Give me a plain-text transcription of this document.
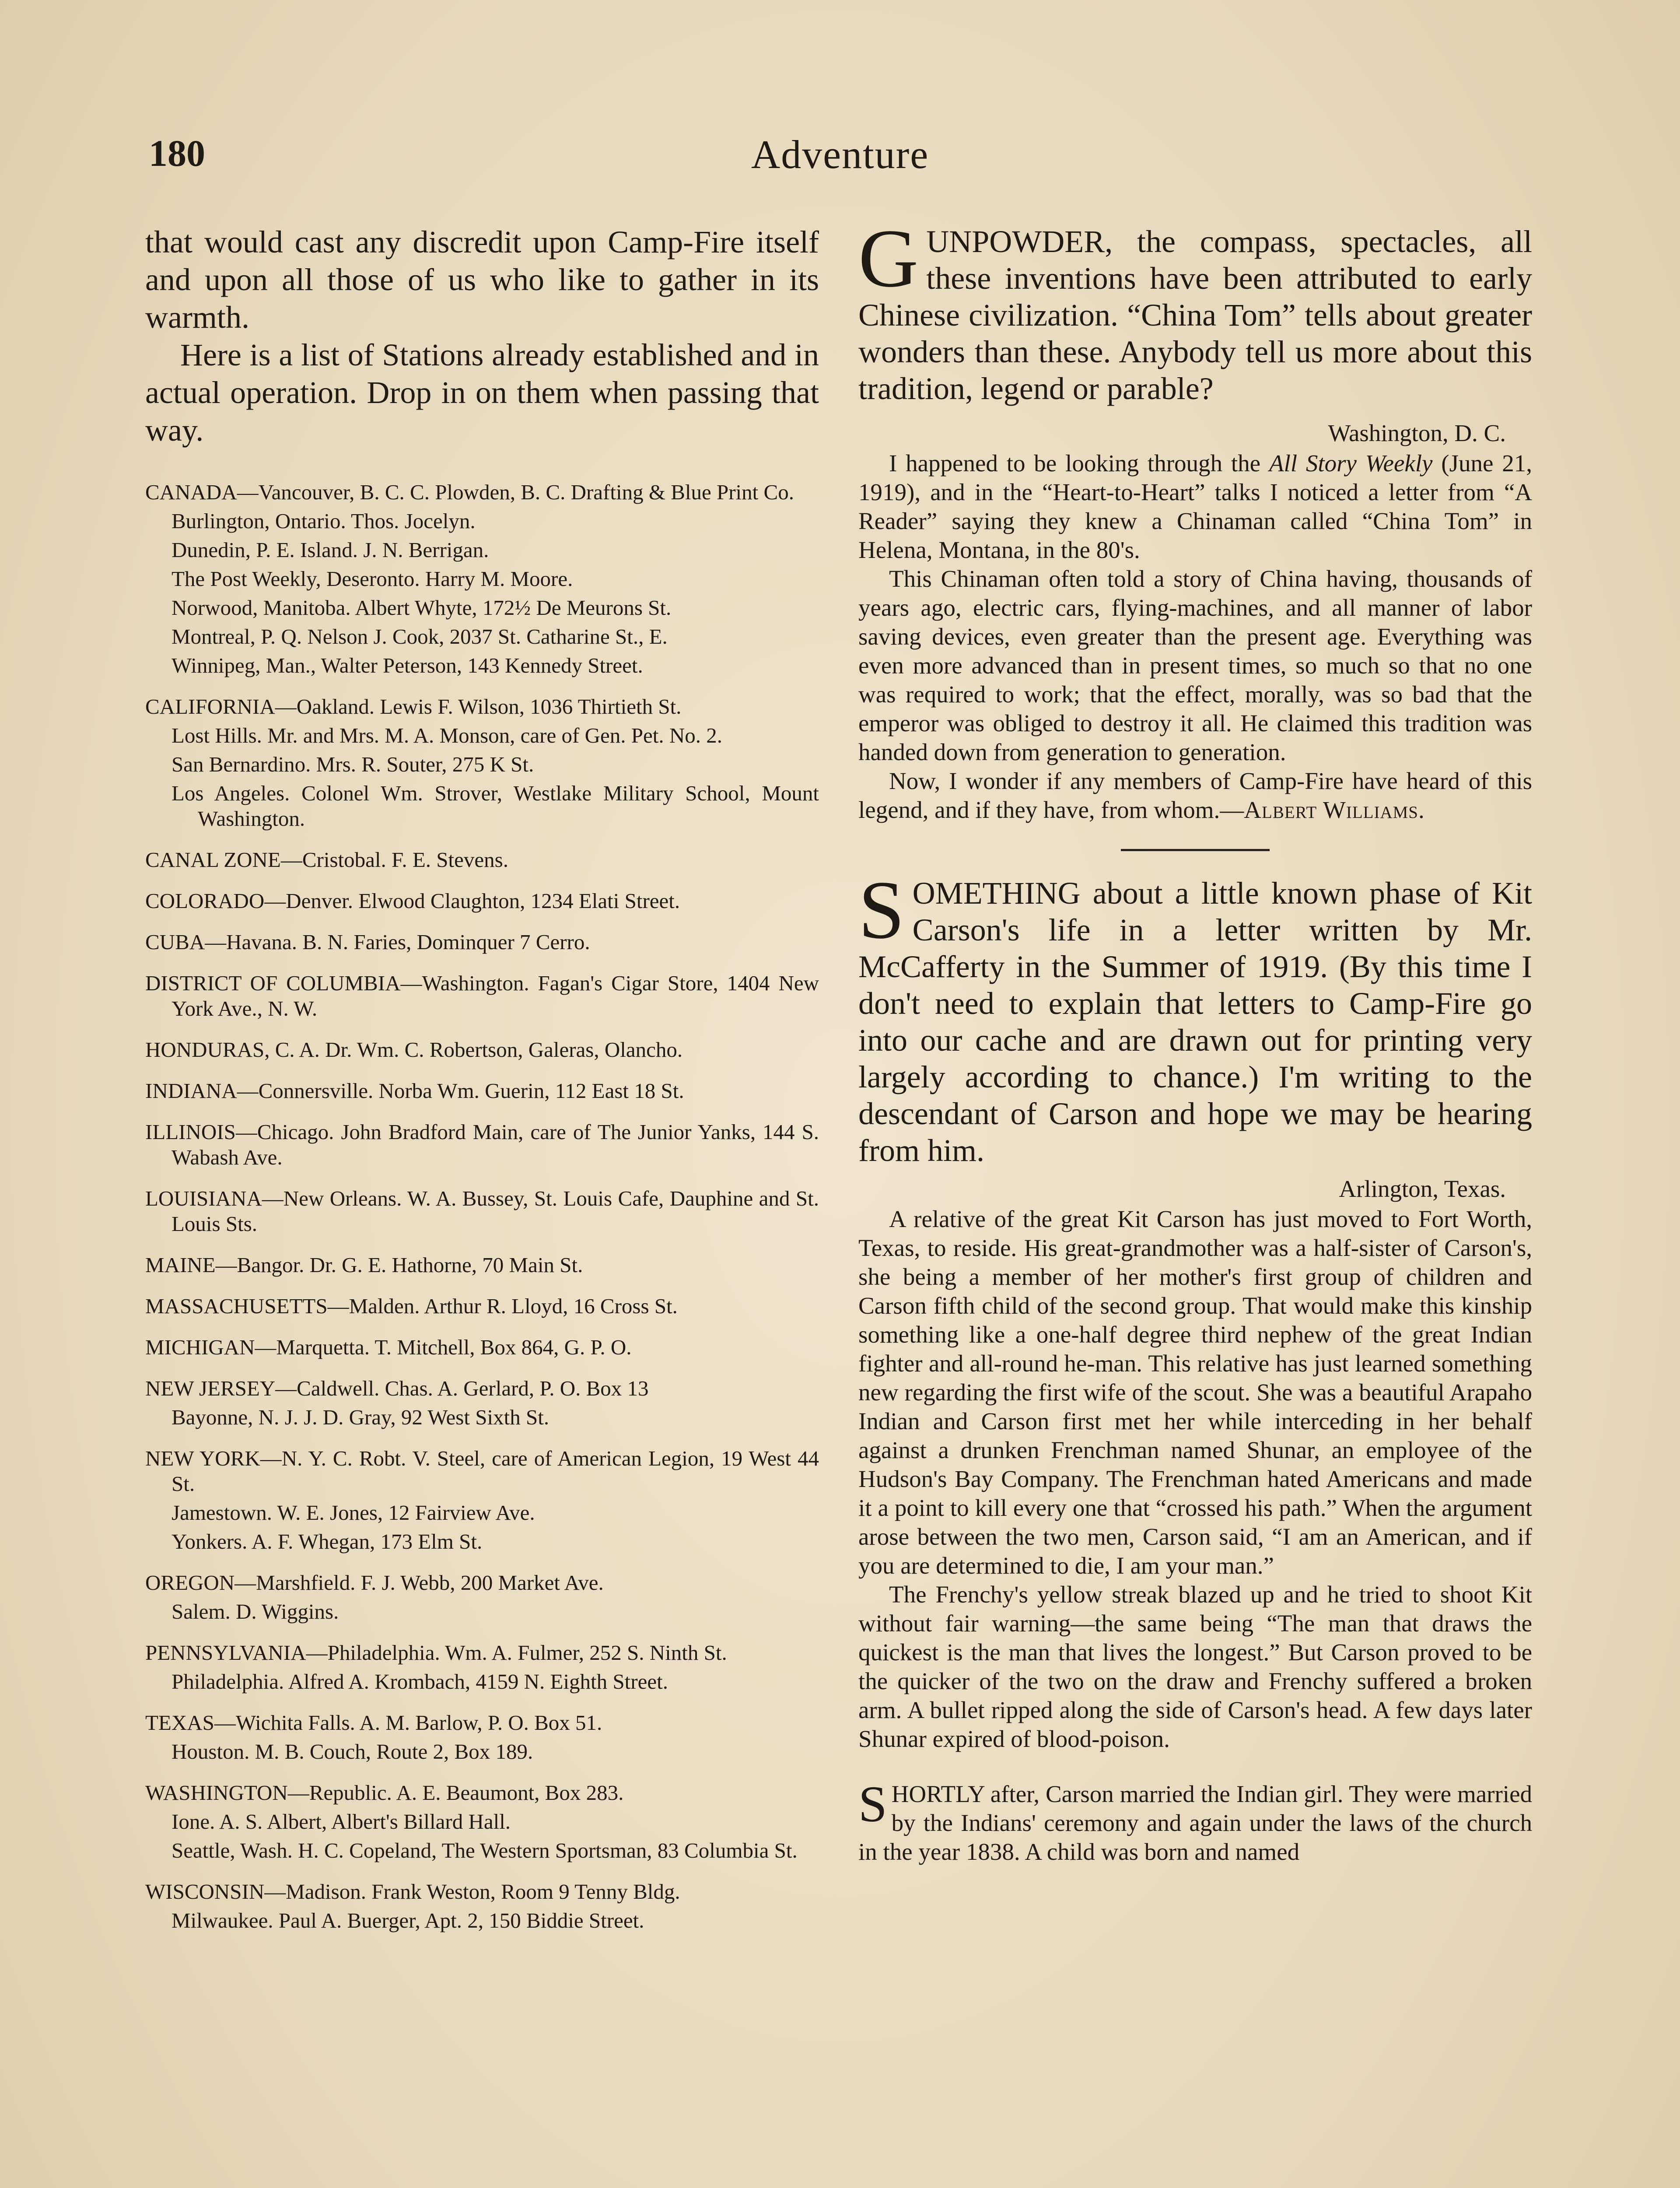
180	Adventure

that would cast any discredit upon Camp-Fire itself and upon all those of us who like to gather in its warmth.

Here is a list of Stations already established and in actual operation. Drop in on them when passing that way.

CANADA—Vancouver, B. C. C. Plowden, B. C. Drafting & Blue Print Co.

Burlington, Ontario. Thos. Jocelyn.

Dunedin, P. E. Island. J. N. Berrigan.

The Post Weekly, Deseronto. Harry M. Moore.

Norwood, Manitoba. Albert Whyte, 172½ De Meurons St.

Montreal, P. Q. Nelson J. Cook, 2037 St. Catharine St., E.

Winnipeg, Man., Walter Peterson, 143 Kennedy Street.

CALIFORNIA—Oakland. Lewis F. Wilson, 1036 Thirtieth St.

Lost Hills. Mr. and Mrs. M. A. Monson, care of Gen. Pet. No. 2.

San Bernardino. Mrs. R. Souter, 275 K St.

Los Angeles. Colonel Wm. Strover, Westlake Military School, Mount Washington.

CANAL ZONE—Cristobal. F. E. Stevens.

COLORADO—Denver. Elwood Claughton, 1234 Elati Street.

CUBA—Havana. B. N. Faries, Dominquer 7 Cerro.

DISTRICT OF COLUMBIA—Washington. Fagan's Cigar Store, 1404 New York Ave., N. W.

HONDURAS, C. A. Dr. Wm. C. Robertson, Galeras, Olancho.

INDIANA—Connersville. Norba Wm. Guerin, 112 East 18 St.

ILLINOIS—Chicago. John Bradford Main, care of The Junior Yanks, 144 S. Wabash Ave.

LOUISIANA—New Orleans. W. A. Bussey, St. Louis Cafe, Dauphine and St. Louis Sts.

MAINE—Bangor. Dr. G. E. Hathorne, 70 Main St.

MASSACHUSETTS—Malden. Arthur R. Lloyd, 16 Cross St.

MICHIGAN—Marquetta. T. Mitchell, Box 864, G. P. O.

NEW JERSEY—Caldwell. Chas. A. Gerlard, P. O. Box 13

Bayonne, N. J. J. D. Gray, 92 West Sixth St.

NEW YORK—N. Y. C. Robt. V. Steel, care of American Legion, 19 West 44 St.

Jamestown. W. E. Jones, 12 Fairview Ave.

Yonkers. A. F. Whegan, 173 Elm St.

OREGON—Marshfield. F. J. Webb, 200 Market Ave.

Salem. D. Wiggins.

PENNSYLVANIA—Philadelphia. Wm. A. Fulmer, 252 S. Ninth St.

Philadelphia. Alfred A. Krombach, 4159 N. Eighth Street.

TEXAS—Wichita Falls. A. M. Barlow, P. O. Box 51.

Houston. M. B. Couch, Route 2, Box 189.

WASHINGTON—Republic. A. E. Beaumont, Box 283.

Ione. A. S. Albert, Albert's Billard Hall.

Seattle, Wash. H. C. Copeland, The Western Sportsman, 83 Columbia St.

WISCONSIN—Madison. Frank Weston, Room 9 Tenny Bldg.

Milwaukee. Paul A. Buerger, Apt. 2, 150 Biddie Street.

GUNPOWDER, the compass, spectacles, all these inventions have been attributed to early Chinese civilization. “China Tom” tells about greater wonders than these. Anybody tell us more about this tradition, legend or parable?

Washington, D. C.

I happened to be looking through the All Story Weekly (June 21, 1919), and in the “Heart-to-Heart” talks I noticed a letter from “A Reader” saying they knew a Chinaman called “China Tom” in Helena, Montana, in the 80's.

This Chinaman often told a story of China having, thousands of years ago, electric cars, flying-machines, and all manner of labor saving devices, even greater than the present age. Everything was even more advanced than in present times, so much so that no one was required to work; that the effect, morally, was so bad that the emperor was obliged to destroy it all. He claimed this tradition was handed down from generation to generation.

Now, I wonder if any members of Camp-Fire have heard of this legend, and if they have, from whom.—Albert Williams.

SOMETHING about a little known phase of Kit Carson's life in a letter written by Mr. McCafferty in the Summer of 1919. (By this time I don't need to explain that letters to Camp-Fire go into our cache and are drawn out for printing very largely according to chance.) I'm writing to the descendant of Carson and hope we may be hearing from him.

Arlington, Texas.

A relative of the great Kit Carson has just moved to Fort Worth, Texas, to reside. His great-grandmother was a half-sister of Carson's, she being a member of her mother's first group of children and Carson fifth child of the second group. That would make this kinship something like a one-half degree third nephew of the great Indian fighter and all-round he-man. This relative has just learned something new regarding the first wife of the scout. She was a beautiful Arapaho Indian and Carson first met her while interceding in her behalf against a drunken Frenchman named Shunar, an employee of the Hudson's Bay Company. The Frenchman hated Americans and made it a point to kill every one that “crossed his path.” When the argument arose between the two men, Carson said, “I am an American, and if you are determined to die, I am your man.”

The Frenchy's yellow streak blazed up and he tried to shoot Kit without fair warning—the same being “The man that draws the quickest is the man that lives the longest.” But Carson proved to be the quicker of the two on the draw and Frenchy suffered a broken arm. A bullet ripped along the side of Carson's head. A few days later Shunar expired of blood-poison.

SHORTLY after, Carson married the Indian girl. They were married by the Indians' ceremony and again under the laws of the church in the year 1838. A child was born and named
